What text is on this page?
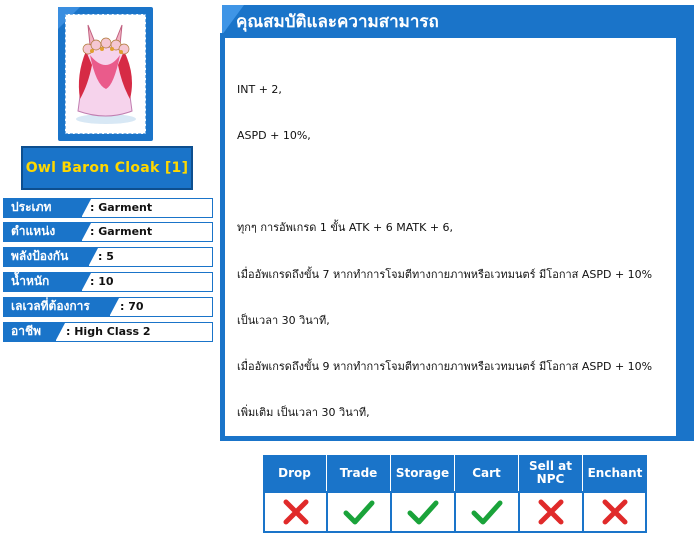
Owl Baron Cloak [1]
ประเภท	: Garment
ตำแหน่ง	: Garment
พลังป้องกัน	: 5
น้ำหนัก	: 10
เลเวลที่ต้องการ	: 70
อาชีพ	: High Class 2
คุณสมบัติและความสามารถ

INT + 2,

ASPD + 10%,

ทุกๆ การอัพเกรด 1 ขั้น ATK + 6 MATK + 6,

เมื่ออัพเกรดถึงขั้น 7 หากทำการโจมตีทางกายภาพหรือเวทมนตร์ มีโอกาส ASPD + 10%

เป็นเวลา 30 วินาที,

เมื่ออัพเกรดถึงขั้น 9 หากทำการโจมตีทางกายภาพหรือเวทมนตร์ มีโอกาส ASPD + 10%

เพิ่มเติม เป็นเวลา 30 วินาที,

Drop	Trade	Storage	Cart	Sell at NPC	Enchant
